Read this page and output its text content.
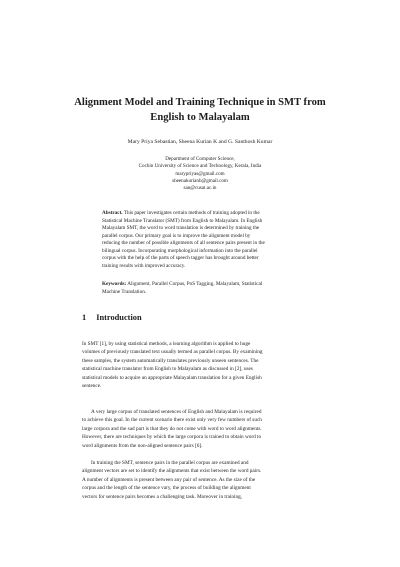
Alignment Model and Training Technique in SMT from
English to Malayalam
Mary Priya Sebastian, Sheena Kurian K and G. Santhosh Kumar
Department of Computer Science,
Cochin University of Science and Technology, Kerala, India
marypriyas@gmail.com
sheenakurianb@gmail.com
san@cusat.ac.in
Abstract. This paper investigates certain methods of training adopted in the
Statistical Machine Translator (SMT) from English to Malayalam. In English
Malayalam SMT, the word to word translation is determined by training the
parallel corpus. Our primary goal is to improve the alignment model by
reducing the number of possible alignments of all sentence pairs present in the
bilingual corpus. Incorporating morphological information into the parallel
corpus with the help of the parts of speech tagger has brought around better
training results with improved accuracy.
Keywords: Alignment, Parallel Corpus, PoS Tagging, Malayalam, Statistical
Machine Translation.
1 Introduction
In SMT [1], by using statistical methods, a learning algorithm is applied to huge
volumes of previously translated text usually termed as parallel corpus. By examining
these samples, the system automatically translates previously unseen sentences. The
statistical machine translator from English to Malayalam as discussed in [2], uses
statistical models to acquire an appropriate Malayalam translation for a given English
sentence.
A very large corpus of translated sentences of English and Malayalam is required
to achieve this goal. In the current scenario there exist only very few numbers of such
large corpora and the sad part is that they do not come with word to word alignments.
However, there are techniques by which the large corpora is trained to obtain word to
word alignments from the non-aligned sentence pairs [6].
In training the SMT, sentence pairs in the parallel corpus are examined and
alignment vectors are set to identify the alignments that exist between the word pairs.
A number of alignments is present between any pair of sentence. As the size of the
corpus and the length of the sentence vary, the process of building the alignment
vectors for sentence pairs becomes a challenging task. Moreover in training,
